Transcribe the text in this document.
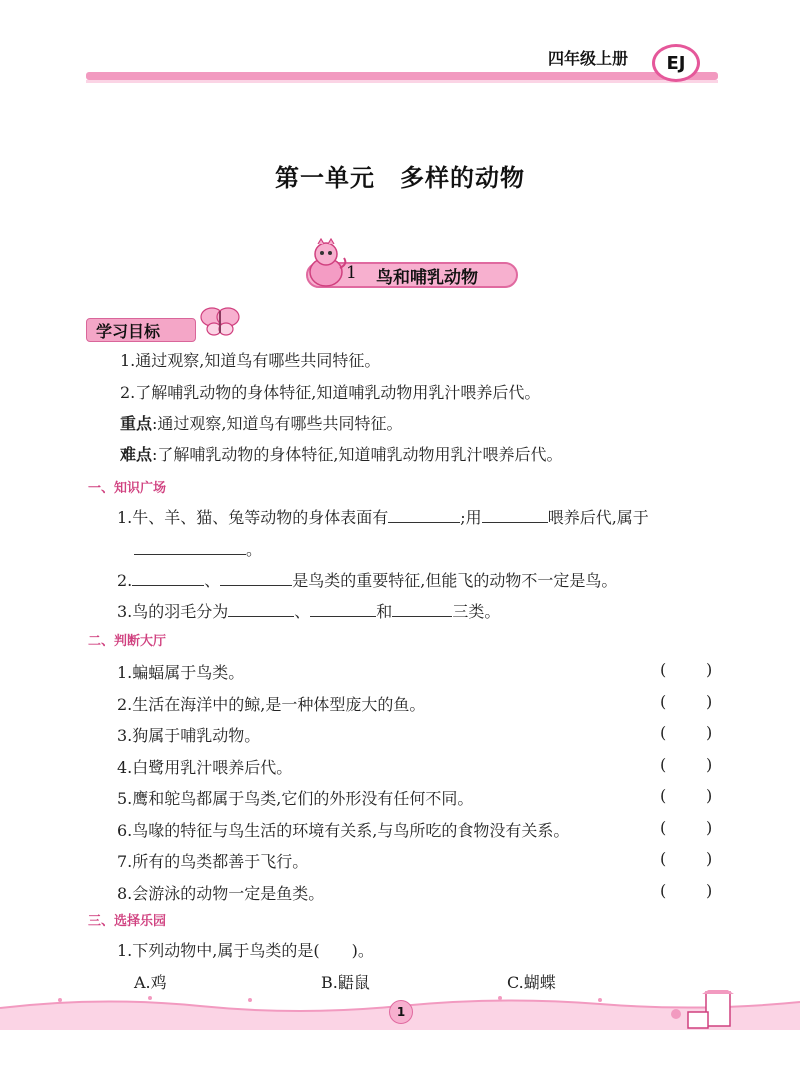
四年级上册	EJ
第一单元　多样的动物
1 鸟和哺乳动物
学习目标
1.通过观察,知道鸟有哪些共同特征。
2.了解哺乳动物的身体特征,知道哺乳动物用乳汁喂养后代。
重点:通过观察,知道鸟有哪些共同特征。
难点:了解哺乳动物的身体特征,知道哺乳动物用乳汁喂养后代。
一、知识广场
1.牛、羊、猫、兔等动物的身体表面有	;用	喂养后代,属于
。
2.	、	是鸟类的重要特征,但能飞的动物不一定是鸟。
3.鸟的羽毛分为	、	和	三类。
二、判断大厅
1.蝙蝠属于鸟类。	( )
2.生活在海洋中的鲸,是一种体型庞大的鱼。	( )
3.狗属于哺乳动物。	( )
4.白鹭用乳汁喂养后代。	( )
5.鹰和鸵鸟都属于鸟类,它们的外形没有任何不同。	( )
6.鸟喙的特征与鸟生活的环境有关系,与鸟所吃的食物没有关系。	( )
7.所有的鸟类都善于飞行。	( )
8.会游泳的动物一定是鱼类。	( )
三、选择乐园
1.下列动物中,属于鸟类的是(　　)。
A.鸡	B.鼯鼠	C.蝴蝶
1
